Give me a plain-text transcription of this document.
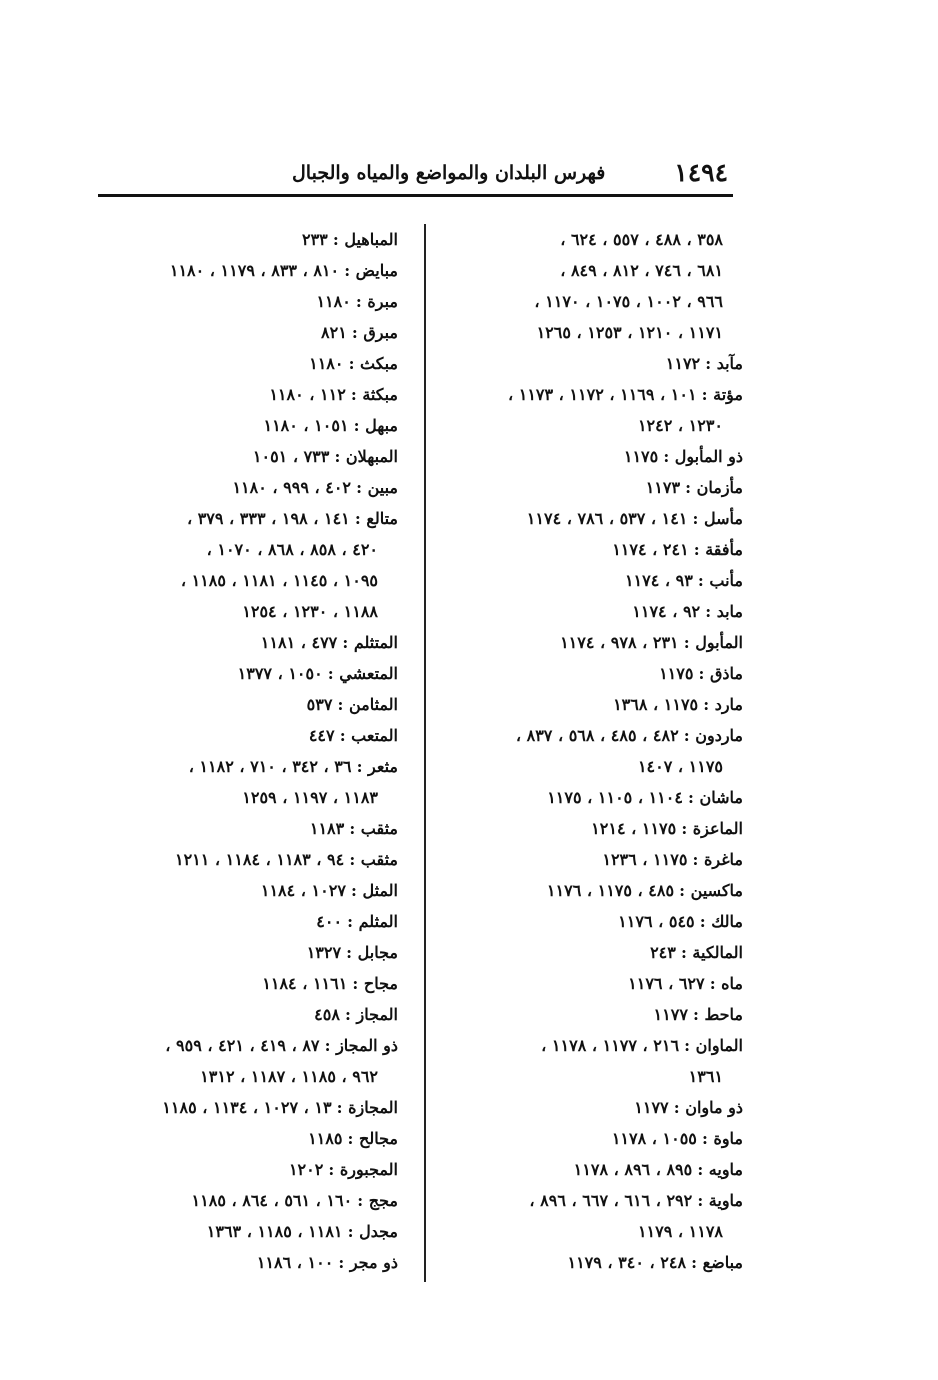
١٤٩٤
فهرس البلدان والمواضع والمياه والجبال
٣٥٨ ، ٤٨٨ ، ٥٥٧ ، ٦٢٤ ،
٦٨١ ، ٧٤٦ ، ٨١٢ ، ٨٤٩ ،
٩٦٦ ، ١٠٠٢ ، ١٠٧٥ ، ١١٧٠ ،
١١٧١ ، ١٢١٠ ، ١٢٥٣ ، ١٢٦٥
مآبد : ١١٧٢
مؤتة : ١٠١ ، ١١٦٩ ، ١١٧٢ ، ١١٧٣ ،
١٢٣٠ ، ١٢٤٢
ذو المأبول : ١١٧٥
مأزمان : ١١٧٣
مأسل : ١٤١ ، ٥٣٧ ، ٧٨٦ ، ١١٧٤
مأفقة : ٢٤١ ، ١١٧٤
مأنب : ٩٣ ، ١١٧٤
مابد : ٩٢ ، ١١٧٤
المأبول : ٢٣١ ، ٩٧٨ ، ١١٧٤
ماذق : ١١٧٥
مارد : ١١٧٥ ، ١٣٦٨
ماردون : ٤٨٢ ، ٤٨٥ ، ٥٦٨ ، ٨٣٧ ،
١١٧٥ ، ١٤٠٧
ماشان : ١١٠٤ ، ١١٠٥ ، ١١٧٥
الماعزة : ١١٧٥ ، ١٢١٤
ماغرة : ١١٧٥ ، ١٢٣٦
ماكسين : ٤٨٥ ، ١١٧٥ ، ١١٧٦
مالك : ٥٤٥ ، ١١٧٦
المالكية : ٢٤٣
ماه : ٦٢٧ ، ١١٧٦
ماحط : ١١٧٧
الماوان : ٢١٦ ، ١١٧٧ ، ١١٧٨ ،
١٣٦١
ذو ماوان : ١١٧٧
ماوة : ١٠٥٥ ، ١١٧٨
ماويه : ٨٩٥ ، ٨٩٦ ، ١١٧٨
ماوية : ٢٩٢ ، ٦١٦ ، ٦٦٧ ، ٨٩٦ ،
١١٧٨ ، ١١٧٩
مباضع : ٢٤٨ ، ٣٤٠ ، ١١٧٩
المباهيل : ٢٣٣
مبايض : ٨١٠ ، ٨٣٣ ، ١١٧٩ ، ١١٨٠
مبرة : ١١٨٠
مبرق : ٨٢١
مبكث : ١١٨٠
مبكثة : ١١٢ ، ١١٨٠
مبهل : ١٠٥١ ، ١١٨٠
المبهلان : ٧٣٣ ، ١٠٥١
مبين : ٤٠٢ ، ٩٩٩ ، ١١٨٠
متالع : ١٤١ ، ١٩٨ ، ٣٣٣ ، ٣٧٩ ،
٤٢٠ ، ٨٥٨ ، ٨٦٨ ، ١٠٧٠ ،
١٠٩٥ ، ١١٤٥ ، ١١٨١ ، ١١٨٥ ،
١١٨٨ ، ١٢٣٠ ، ١٢٥٤
المتثلم : ٤٧٧ ، ١١٨١
المتعشي : ١٠٥٠ ، ١٣٧٧
المثامن : ٥٣٧
المتعب : ٤٤٧
مثعر : ٣٦ ، ٣٤٢ ، ٧١٠ ، ١١٨٢ ،
١١٨٣ ، ١١٩٧ ، ١٢٥٩
مثقب : ١١٨٣
مثقب : ٩٤ ، ١١٨٣ ، ١١٨٤ ، ١٢١١
المثل : ١٠٢٧ ، ١١٨٤
المثلم : ٤٠٠
مجابل : ١٣٢٧
مجاح : ١١٦١ ، ١١٨٤
المجاز : ٤٥٨
ذو المجاز : ٨٧ ، ٤١٩ ، ٤٢١ ، ٩٥٩ ،
٩٦٢ ، ١١٨٥ ، ١١٨٧ ، ١٣١٢
المجازة : ١٣ ، ١٠٢٧ ، ١١٣٤ ، ١١٨٥
مجالح : ١١٨٥
المجبورة : ١٢٠٢
مجج : ١٦٠ ، ٥٦١ ، ٨٦٤ ، ١١٨٥
مجدل : ١١٨١ ، ١١٨٥ ، ١٣٦٣
ذو مجر : ١٠٠ ، ١١٨٦
